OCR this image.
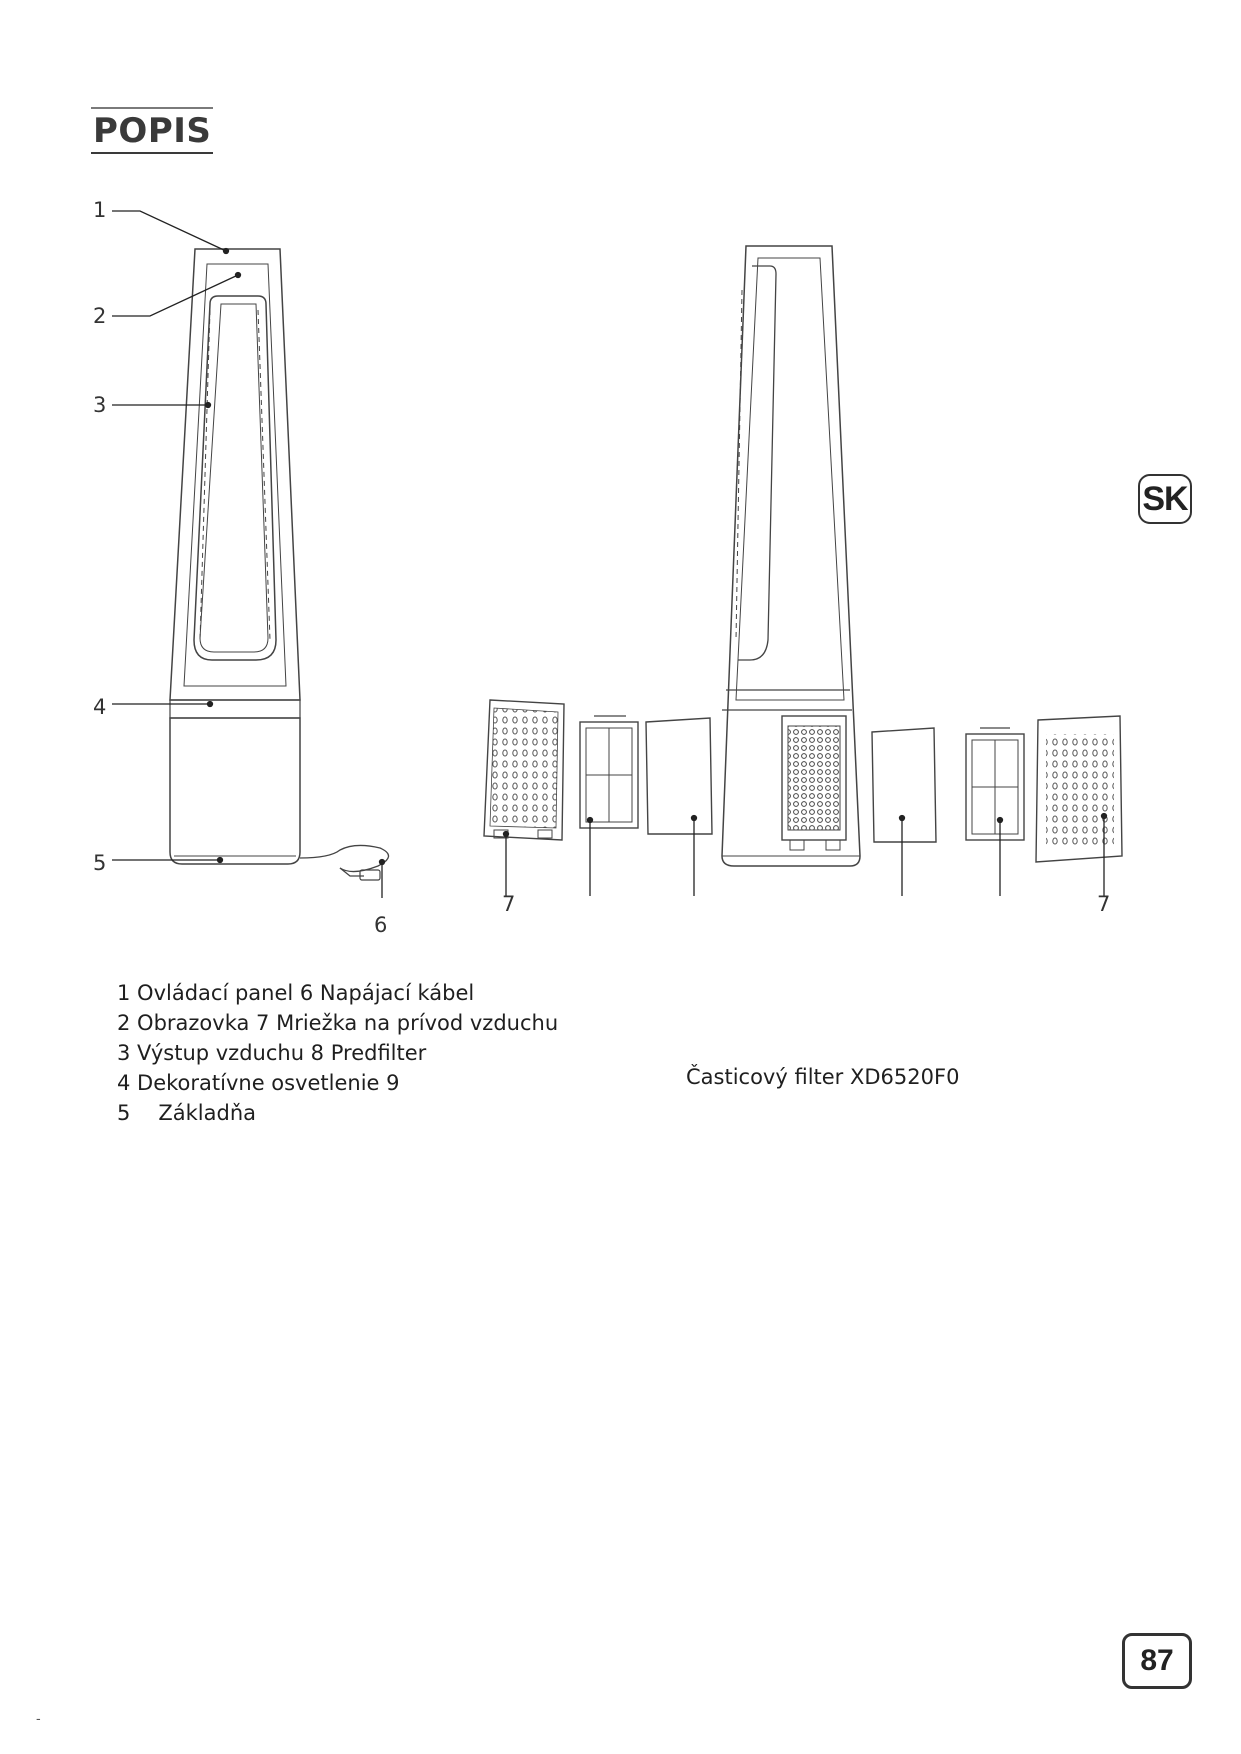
POPIS
SK
1
2
3
4
5
6
7	7
1 Ovládací panel 6 Napájací kábel
2 Obrazovka 7 Mriežka na prívod vzduchu
3 Výstup vzduchu 8 Predfilter
4 Dekoratívne osvetlenie 9
5 Základňa
Časticový filter XD6520F0
87
-
